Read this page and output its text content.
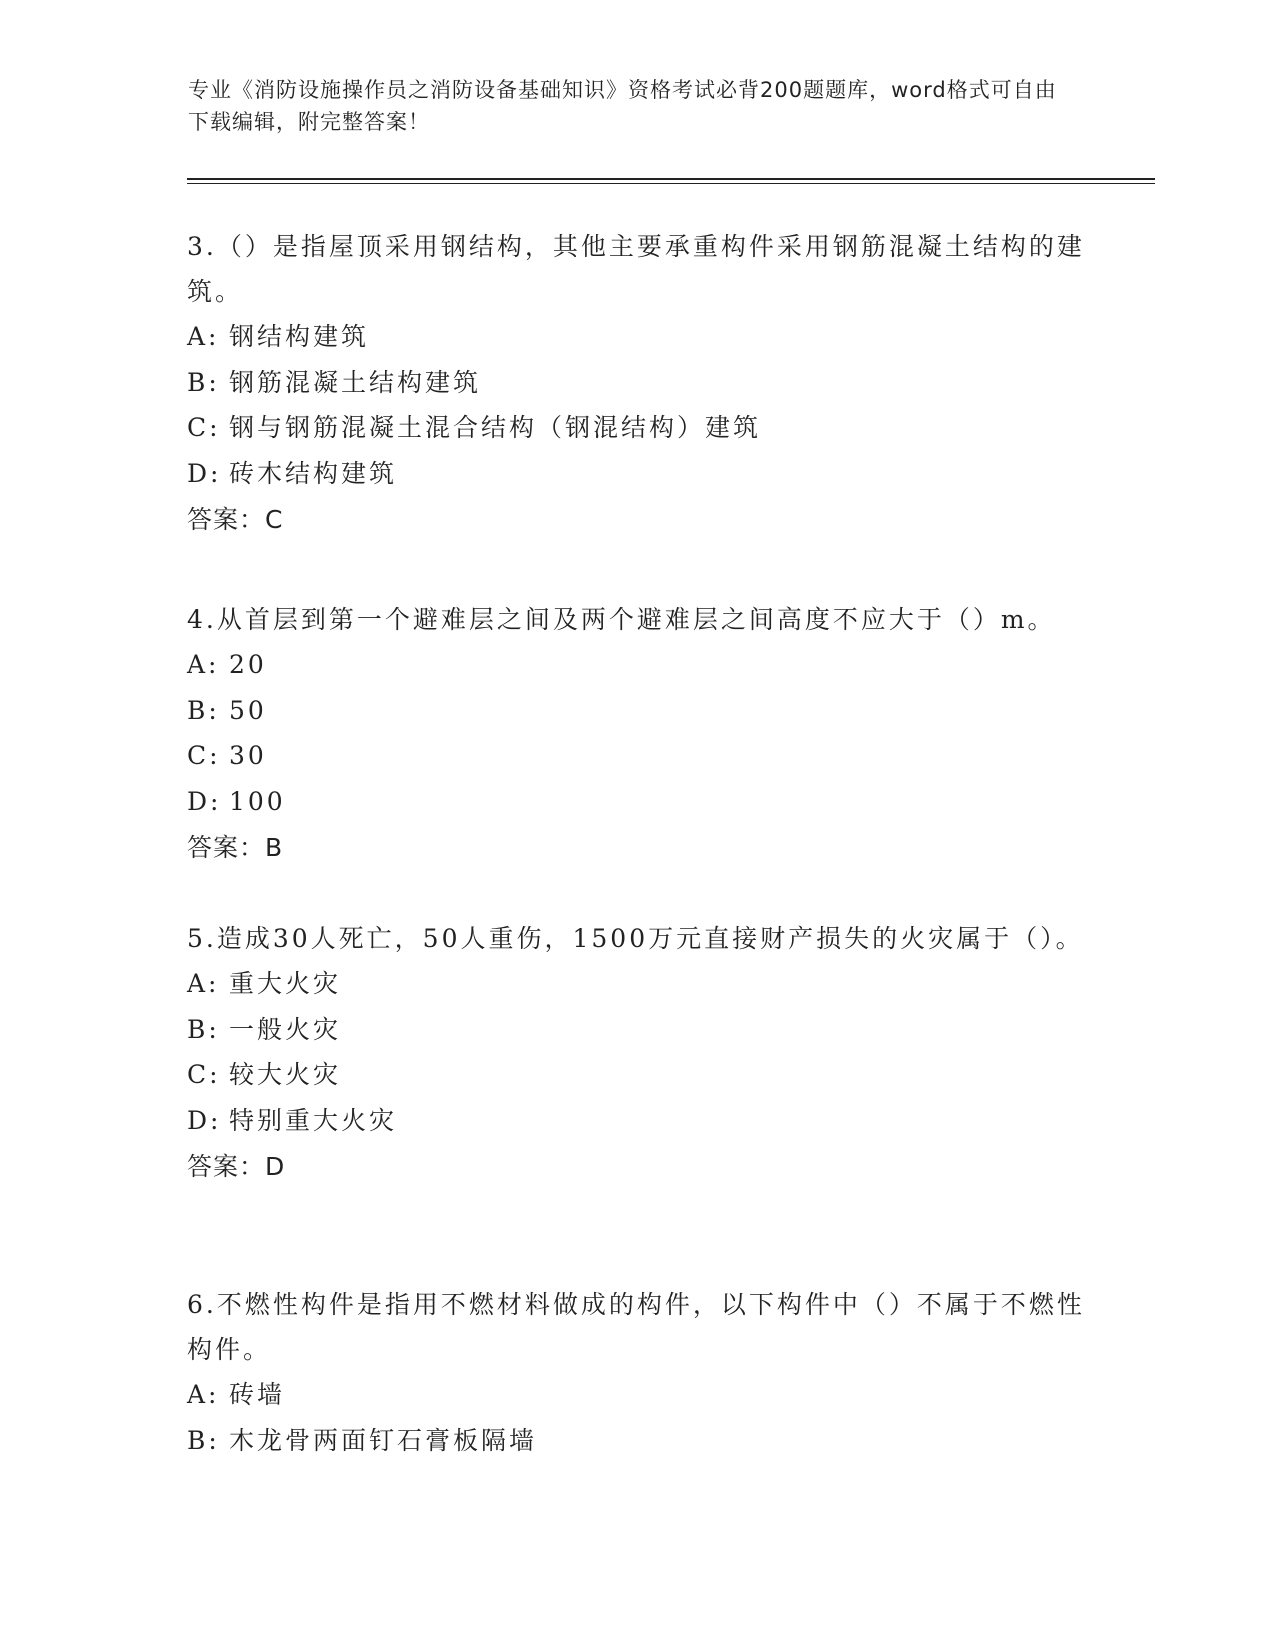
专业《消防设施操作员之消防设备基础知识》资格考试必背200题题库，word格式可自由下载编辑，附完整答案！
3.（）是指屋顶采用钢结构，其他主要承重构件采用钢筋混凝土结构的建筑。
A: 钢结构建筑
B: 钢筋混凝土结构建筑
C: 钢与钢筋混凝土混合结构（钢混结构）建筑
D: 砖木结构建筑
答案：C
4.从首层到第一个避难层之间及两个避难层之间高度不应大于（）m。
A: 20
B: 50
C: 30
D: 100
答案：B
5.造成30人死亡，50人重伤，1500万元直接财产损失的火灾属于（）。
A: 重大火灾
B: 一般火灾
C: 较大火灾
D: 特别重大火灾
答案：D
6.不燃性构件是指用不燃材料做成的构件，以下构件中（）不属于不燃性构件。
A: 砖墙
B: 木龙骨两面钉石膏板隔墙
